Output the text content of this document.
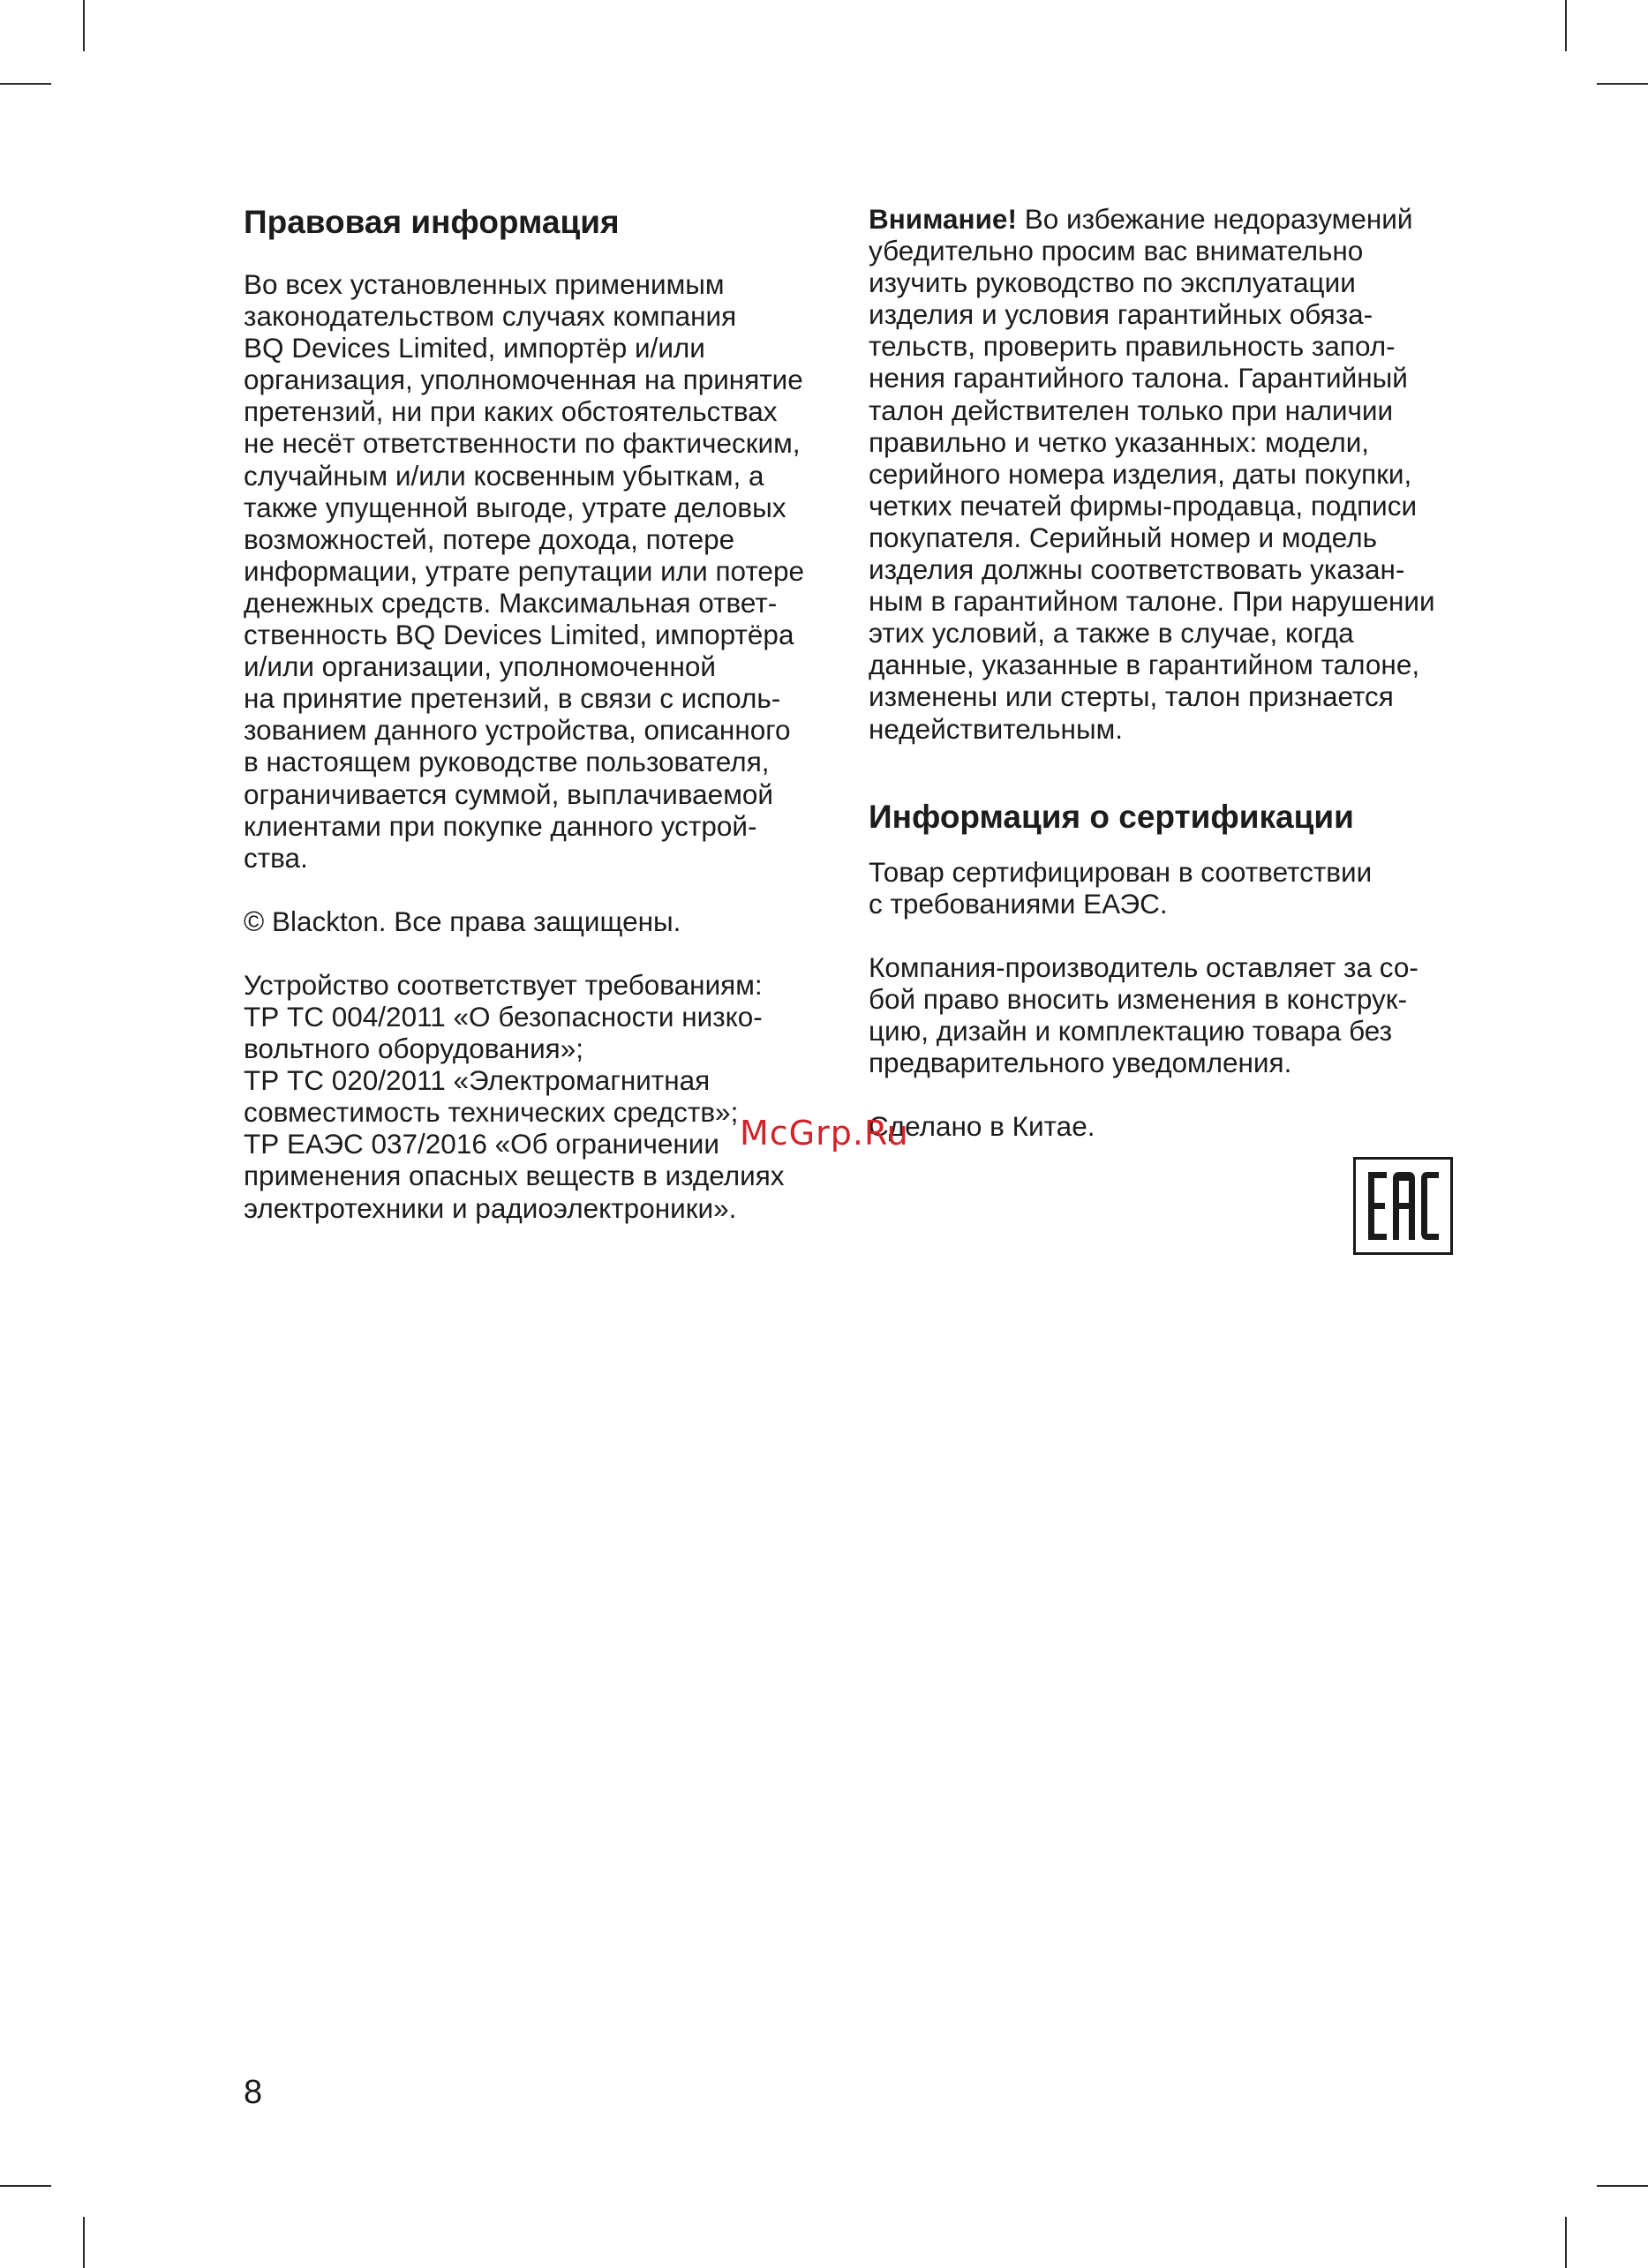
Правовая информация
Во всех установленных применимым
законодательством случаях компания
BQ Devices Limited, импортёр и/или
организация, уполномоченная на принятие
претензий, ни при каких обстоятельствах
не несёт ответственности по фактическим,
случайным и/или косвенным убыткам, а
также упущенной выгоде, утрате деловых
возможностей, потере дохода, потере
информации, утрате репутации или потере
денежных средств. Максимальная ответ-
ственность BQ Devices Limited, импортёра
и/или организации, уполномоченной
на принятие претензий, в связи с исполь-
зованием данного устройства, описанного
в настоящем руководстве пользователя,
ограничивается суммой, выплачиваемой
клиентами при покупке данного устрой-
ства.
© Blackton. Все права защищены.
Устройство соответствует требованиям:
ТР ТС 004/2011 «О безопасности низко-
вольтного оборудования»;
ТР ТС 020/2011 «Электромагнитная
совместимость технических средств»;
ТР ЕАЭС 037/2016 «Об ограничении
применения опасных веществ в изделиях
электротехники и радиоэлектроники».
Внимание! Во избежание недоразумений
убедительно просим вас внимательно
изучить руководство по эксплуатации
изделия и условия гарантийных обяза-
тельств, проверить правильность запол-
нения гарантийного талона. Гарантийный
талон действителен только при наличии
правильно и четко указанных: модели,
серийного номера изделия, даты покупки,
четких печатей фирмы-продавца, подписи
покупателя. Серийный номер и модель
изделия должны соответствовать указан-
ным в гарантийном талоне. При нарушении
этих условий, а также в случае, когда
данные, указанные в гарантийном талоне,
изменены или стерты, талон признается
недействительным.
Информация о сертификации
Товар сертифицирован в соответствии
с требованиями ЕАЭС.
Компания-производитель оставляет за со-
бой право вносить изменения в конструк-
цию, дизайн и комплектацию товара без
предварительного уведомления.
Сделано в Китае.
McGrp.Ru
8
